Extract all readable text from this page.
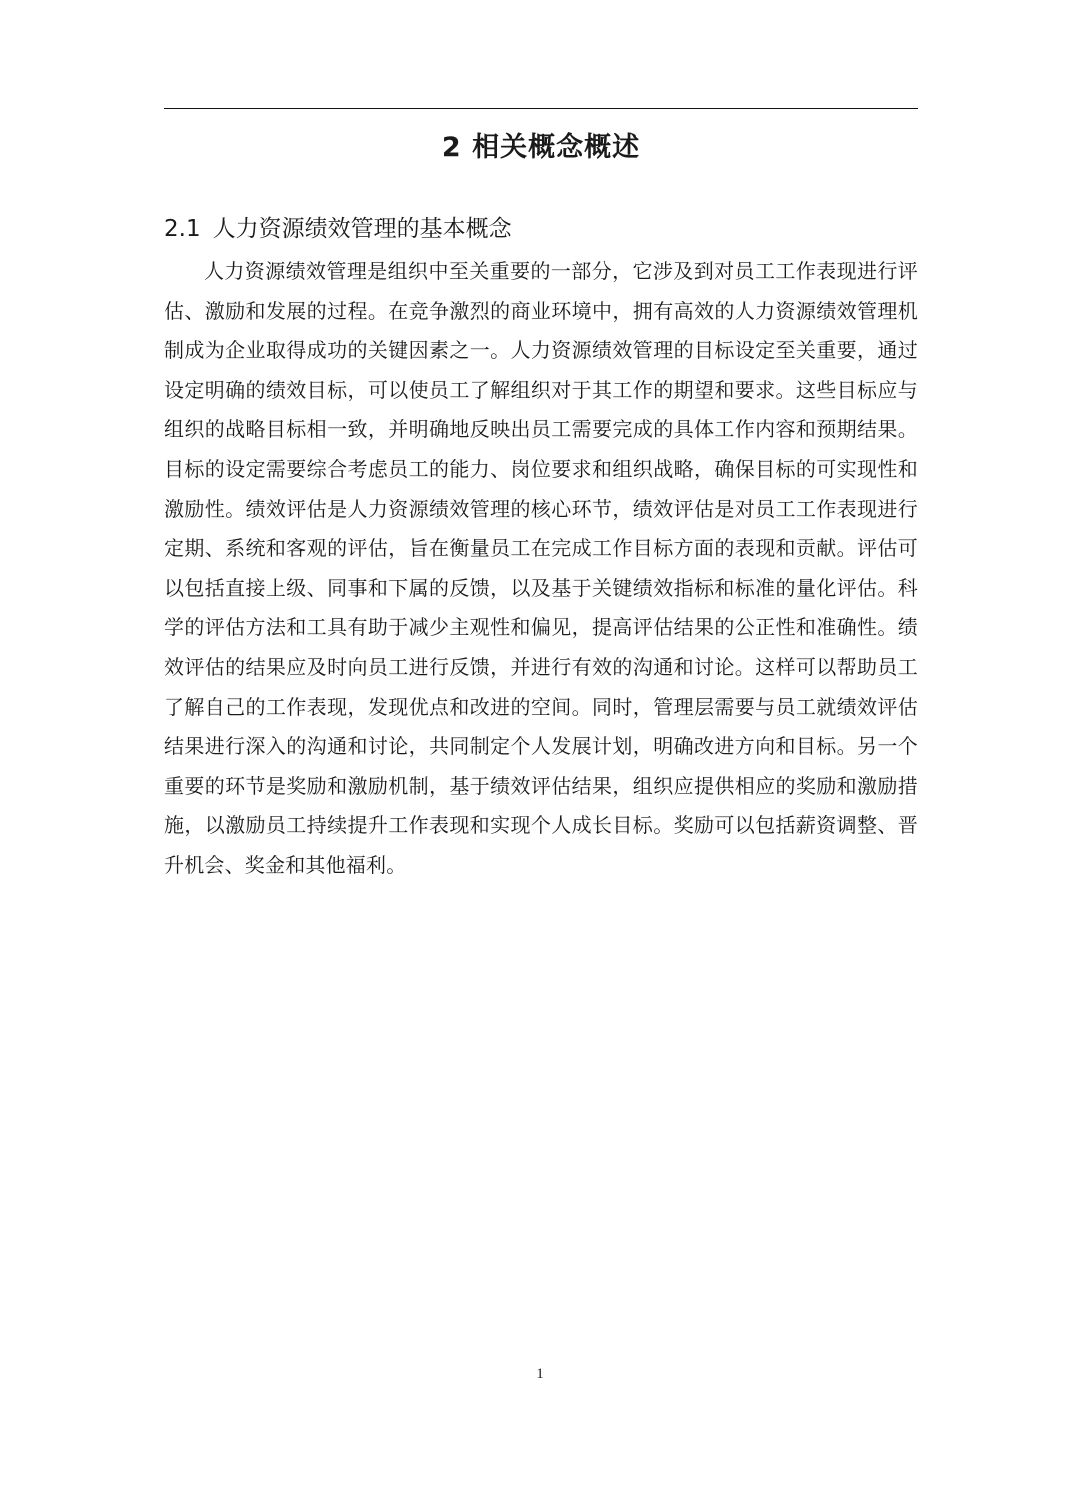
2 相关概念概述
2.1 人力资源绩效管理的基本概念

人力资源绩效管理是组织中至关重要的一部分，它涉及到对员工工作表现进行评估、激励和发展的过程。在竞争激烈的商业环境中，拥有高效的人力资源绩效管理机制成为企业取得成功的关键因素之一。人力资源绩效管理的目标设定至关重要，通过设定明确的绩效目标，可以使员工了解组织对于其工作的期望和要求。这些目标应与组织的战略目标相一致，并明确地反映出员工需要完成的具体工作内容和预期结果。目标的设定需要综合考虑员工的能力、岗位要求和组织战略，确保目标的可实现性和激励性。绩效评估是人力资源绩效管理的核心环节，绩效评估是对员工工作表现进行定期、系统和客观的评估，旨在衡量员工在完成工作目标方面的表现和贡献。评估可以包括直接上级、同事和下属的反馈，以及基于关键绩效指标和标准的量化评估。科学的评估方法和工具有助于减少主观性和偏见，提高评估结果的公正性和准确性。绩效评估的结果应及时向员工进行反馈，并进行有效的沟通和讨论。这样可以帮助员工了解自己的工作表现，发现优点和改进的空间。同时，管理层需要与员工就绩效评估结果进行深入的沟通和讨论，共同制定个人发展计划，明确改进方向和目标。另一个重要的环节是奖励和激励机制，基于绩效评估结果，组织应提供相应的奖励和激励措施，以激励员工持续提升工作表现和实现个人成长目标。奖励可以包括薪资调整、晋升机会、奖金和其他福利。

1
